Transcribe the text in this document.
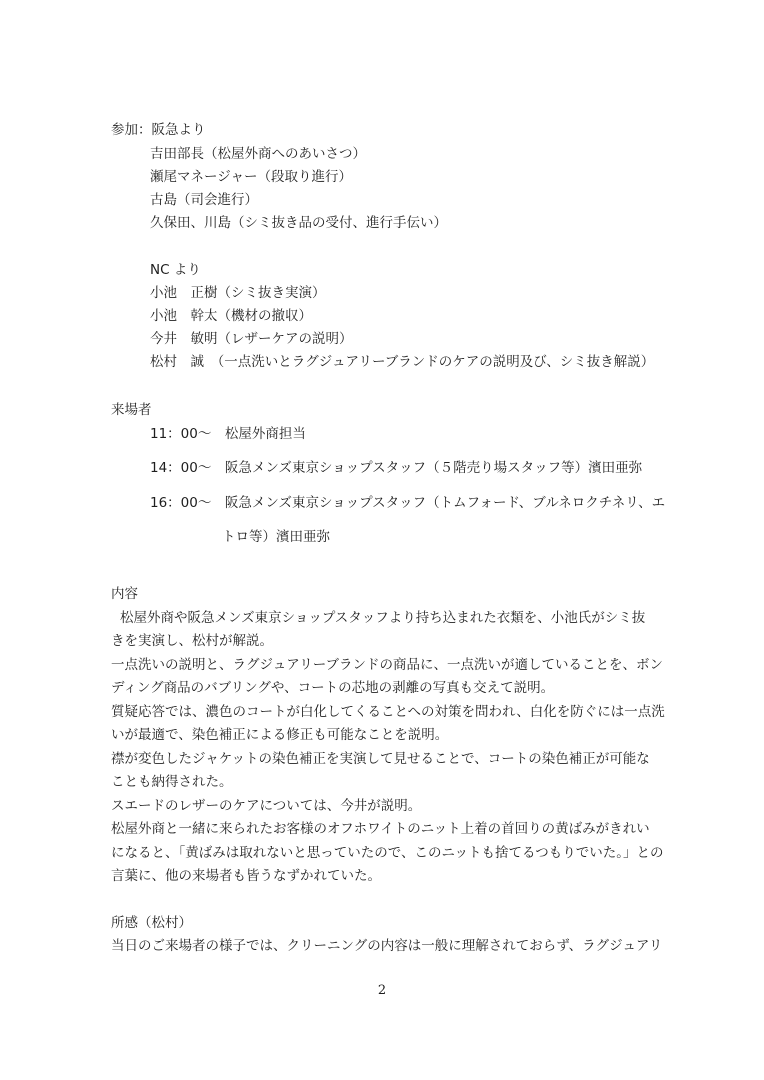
参加：阪急より
吉田部長（松屋外商へのあいさつ）
瀬尾マネージャー（段取り進行）
古島（司会進行）
久保田、川島（シミ抜き品の受付、進行手伝い）
NC より
小池　正樹（シミ抜き実演）
小池　幹太（機材の撤収）
今井　敏明（レザーケアの説明）
松村　誠　（一点洗いとラグジュアリーブランドのケアの説明及び、シミ抜き解説）
来場者
11：00～　松屋外商担当
14：00～　阪急メンズ東京ショップスタッフ（５階売り場スタッフ等）濱田亜弥
16：00～　阪急メンズ東京ショップスタッフ（トムフォード、ブルネロクチネリ、エ
トロ等）濱田亜弥
内容
松屋外商や阪急メンズ東京ショップスタッフより持ち込まれた衣類を、小池氏がシミ抜
きを実演し、松村が解説。
一点洗いの説明と、ラグジュアリーブランドの商品に、一点洗いが適していることを、ボン
ディング商品のバブリングや、コートの芯地の剥離の写真も交えて説明。
質疑応答では、濃色のコートが白化してくることへの対策を問われ、白化を防ぐには一点洗
いが最適で、染色補正による修正も可能なことを説明。
襟が変色したジャケットの染色補正を実演して見せることで、コートの染色補正が可能な
ことも納得された。
スエードのレザーのケアについては、今井が説明。
松屋外商と一緒に来られたお客様のオフホワイトのニット上着の首回りの黄ばみがきれい
になると、「黄ばみは取れないと思っていたので、このニットも捨てるつもりでいた。」との
言葉に、他の来場者も皆うなずかれていた。
所感（松村）
当日のご来場者の様子では、クリーニングの内容は一般に理解されておらず、ラグジュアリ
2
